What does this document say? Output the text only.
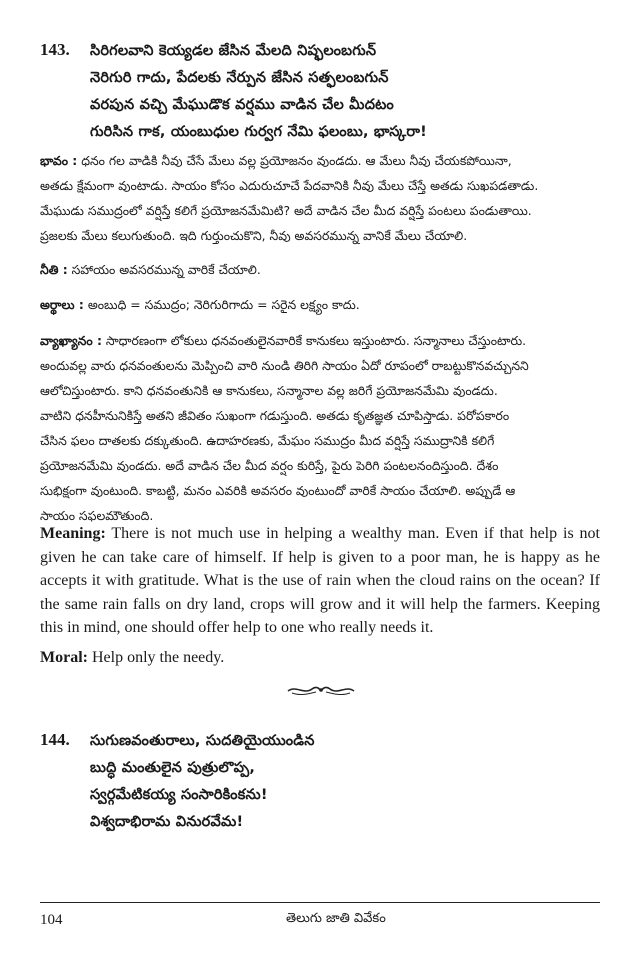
143. సిరిగలవాని కెయ్యడల జేసిన మేలది నిష్ఫలంబగున్
నెరిగురి గాదు, పేదలకు నేర్పున జేసిన సత్ఫలంబగున్
వరపున వచ్చి మేఘుడొక వర్షము వాడిన చేల మీదటం
గురిసిన గాక, యంబుధుల గుర్వగ నేమి ఫలంబు, భాస్కరా!
భావం : ధనం గల వాడికి నీవు చేసే మేలు వల్ల ప్రయోజనం వుండదు. ఆ మేలు నీవు చేయకపోయినా,
అతడు క్షేమంగా వుంటాడు. సాయం కోసం ఎదురుచూచే పేదవానికి నీవు మేలు చేస్తే అతడు సుఖపడతాడు.
మేఘుడు సముద్రంలో వర్షిస్తే కలిగే ప్రయోజనమేమిటి? అదే వాడిన చేల మీద వర్షిస్తే పంటలు పండుతాయి.
ప్రజలకు మేలు కలుగుతుంది. ఇది గుర్తుంచుకొని, నీవు అవసరమున్న వానికే మేలు చేయాలి.
నీతి : సహాయం అవసరమున్న వారికే చేయాలి.
అర్థాలు : అంబుధి = సముద్రం; నెరిగురిగాదు = సరైన లక్ష్యం కాదు.
వ్యాఖ్యానం : సాధారణంగా లోకులు ధనవంతులైనవారికే కానుకలు ఇస్తుంటారు. సన్మానాలు చేస్తుంటారు.
అందువల్ల వారు ధనవంతులను మెప్పించి వారి నుండి తిరిగి సాయం ఏదో రూపంలో రాబట్టుకొనవచ్చునని
ఆలోచిస్తుంటారు. కాని ధనవంతునికి ఆ కానుకలు, సన్మానాల వల్ల జరిగే ప్రయోజనమేమి వుండదు.
వాటిని ధనహీనునికిస్తే అతని జీవితం సుఖంగా గడుస్తుంది. అతడు కృతజ్ఞత చూపిస్తాడు. పరోపకారం
చేసిన ఫలం దాతలకు దక్కుతుంది. ఉదాహరణకు, మేఘం సముద్రం మీద వర్షిస్తే సముద్రానికి కలిగే
ప్రయోజనమేమి వుండదు. అదే వాడిన చేల మీద వర్షం కురిస్తే, పైరు పెరిగి పంటలనందిస్తుంది. దేశం
సుభిక్షంగా వుంటుంది. కాబట్టి, మనం ఎవరికి అవసరం వుంటుందో వారికే సాయం చేయాలి. అప్పుడే ఆ
సాయం సఫలమౌతుంది.
Meaning: There is not much use in helping a wealthy man. Even if that help is not given he can take care of himself. If help is given to a poor man, he is happy as he accepts it with gratitude. What is the use of rain when the cloud rains on the ocean? If the same rain falls on dry land, crops will grow and it will help the farmers. Keeping this in mind, one should offer help to one who really needs it.
Moral: Help only the needy.
144. సుగుణవంతురాలు, సుదతియైయుండిన
బుద్ధి మంతులైన పుత్రులొప్ప,
స్వర్గమేటికయ్య సంసారికింకను!
విశ్వదాభిరామ వినురవేమ!
104	తెలుగు జాతి వివేకం
